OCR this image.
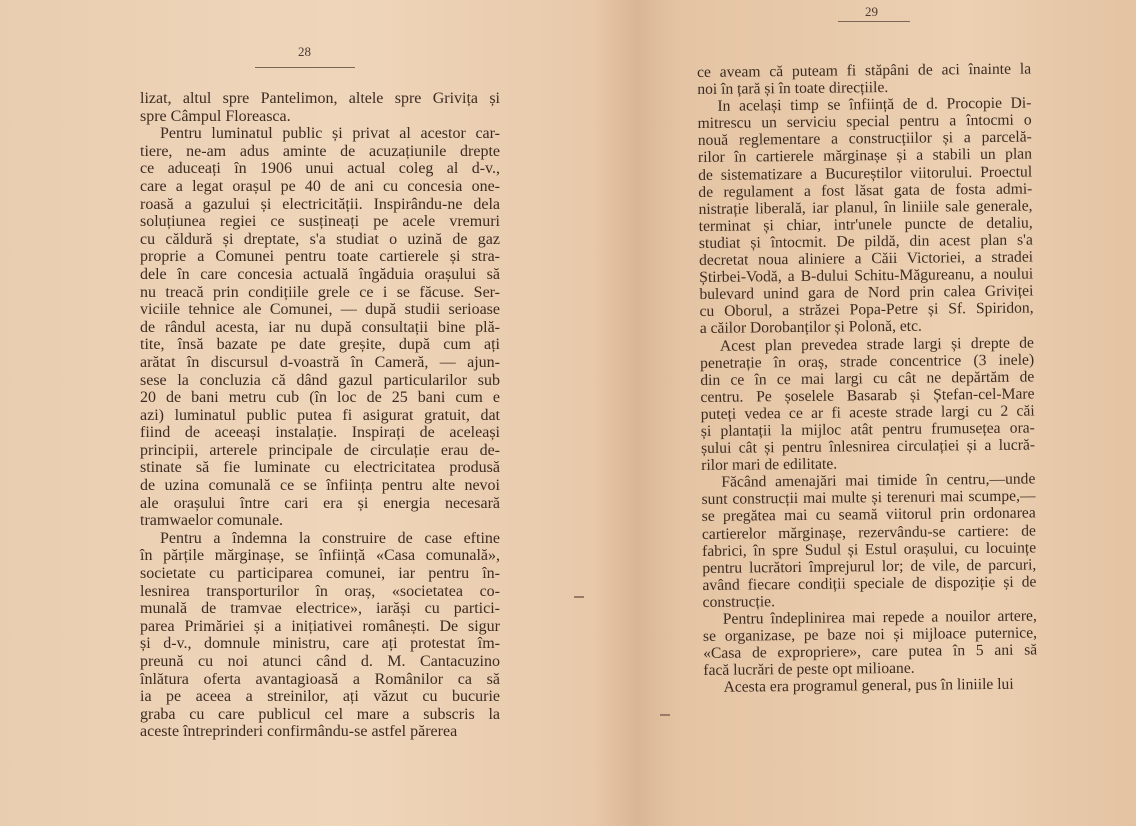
28
29
lizat, altul spre Pantelimon, altele spre Grivița și
spre Câmpul Floreasca.
Pentru luminatul public și privat al acestor car-
tiere, ne-am adus aminte de acuzațiunile drepte
ce aduceați în 1906 unui actual coleg al d-v.,
care a legat orașul pe 40 de ani cu concesia one-
roasă a gazului și electricității. Inspirându-ne dela
soluțiunea regiei ce susțineați pe acele vremuri
cu căldură și dreptate, s'a studiat o uzină de gaz
proprie a Comunei pentru toate cartierele și stra-
dele în care concesia actuală îngăduia orașului să
nu treacă prin condițiile grele ce i se făcuse. Ser-
viciile tehnice ale Comunei, — după studii serioase
de rândul acesta, iar nu după consultații bine plă-
tite, însă bazate pe date greșite, după cum ați
arătat în discursul d-voastră în Cameră, — ajun-
sese la concluzia că dând gazul particularilor sub
20 de bani metru cub (în loc de 25 bani cum e
azi) luminatul public putea fi asigurat gratuit, dat
fiind de aceeași instalație. Inspirați de aceleași
principii, arterele principale de circulație erau de-
stinate să fie luminate cu electricitatea produsă
de uzina comunală ce se înființa pentru alte nevoi
ale orașului între cari era și energia necesară
tramwaelor comunale.
Pentru a îndemna la construire de case eftine
în părțile mărginașe, se înființă «Casa comunală»,
societate cu participarea comunei, iar pentru în-
lesnirea transporturilor în oraș, «societatea co-
munală de tramvae electrice», iarăși cu partici-
parea Primăriei și a inițiativei românești. De sigur
și d-v., domnule ministru, care ați protestat îm-
preună cu noi atunci când d. M. Cantacuzino
înlătura oferta avantagioasă a Românilor ca să
ia pe aceea a streinilor, ați văzut cu bucurie
graba cu care publicul cel mare a subscris la
aceste întreprinderi confirmându-se astfel părerea
ce aveam că puteam fi stăpâni de aci înainte la
noi în țară și în toate direcțiile.
In același timp se înființă de d. Procopie Di-
mitrescu un serviciu special pentru a întocmi o
nouă reglementare a construcțiilor și a parcelă-
rilor în cartierele mărginașe și a stabili un plan
de sistematizare a Bucureștilor viitorului. Proectul
de regulament a fost lăsat gata de fosta admi-
nistrație liberală, iar planul, în liniile sale generale,
terminat și chiar, intr'unele puncte de detaliu,
studiat și întocmit. De pildă, din acest plan s'a
decretat noua aliniere a Căii Victoriei, a stradei
Știrbei-Vodă, a B-dului Schitu-Măgureanu, a noului
bulevard unind gara de Nord prin calea Griviței
cu Oborul, a străzei Popa-Petre și Sf. Spiridon,
a căilor Dorobanților și Polonă, etc.
Acest plan prevedea strade largi și drepte de
penetrație în oraș, strade concentrice (3 inele)
din ce în ce mai largi cu cât ne depărtăm de
centru. Pe șoselele Basarab și Ștefan-cel-Mare
puteți vedea ce ar fi aceste strade largi cu 2 căi
și plantații la mijloc atât pentru frumusețea ora-
șului cât și pentru înlesnirea circulației și a lucră-
rilor mari de edilitate.
Făcând amenajări mai timide în centru,—unde
sunt construcții mai multe și terenuri mai scumpe,—
se pregătea mai cu seamă viitorul prin ordonarea
cartierelor mărginașe, rezervându-se cartiere: de
fabrici, în spre Sudul și Estul orașului, cu locuințe
pentru lucrători împrejurul lor; de vile, de parcuri,
având fiecare condiții speciale de dispoziție și de
construcție.
Pentru îndeplinirea mai repede a nouilor artere,
se organizase, pe baze noi și mijloace puternice,
«Casa de expropriere», care putea în 5 ani să
facă lucrări de peste opt milioane.
Acesta era programul general, pus în liniile lui
